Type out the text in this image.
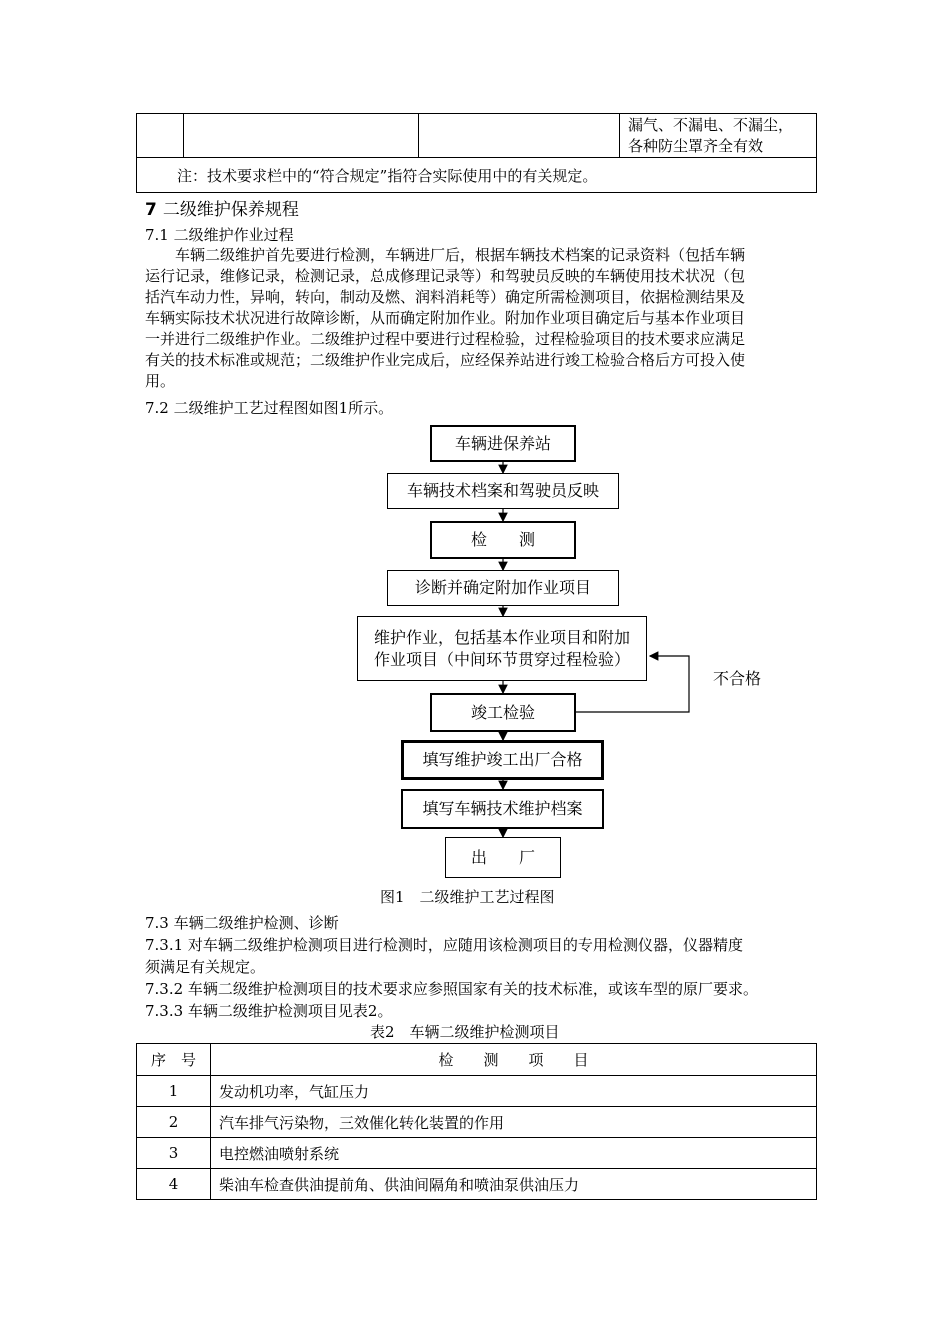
漏气、不漏电、不漏尘，
各种防尘罩齐全有效

注：技术要求栏中的“符合规定”指符合实际使用中的有关规定。
7 二级维护保养规程
7.1 二级维护作业过程
　　车辆二级维护首先要进行检测，车辆进厂后，根据车辆技术档案的记录资料（包括车辆
运行记录，维修记录，检测记录，总成修理记录等）和驾驶员反映的车辆使用技术状况（包
括汽车动力性，异响，转向，制动及燃、润料消耗等）确定所需检测项目，依据检测结果及
车辆实际技术状况进行故障诊断，从而确定附加作业。附加作业项目确定后与基本作业项目
一并进行二级维护作业。二级维护过程中要进行过程检验，过程检验项目的技术要求应满足
有关的技术标准或规范；二级维护作业完成后，应经保养站进行竣工检验合格后方可投入使
用。
7.2 二级维护工艺过程图如图1所示。
车辆进保养站
车辆技术档案和驾驶员反映
检　　测
诊断并确定附加作业项目
维护作业，包括基本作业项目和附加
作业项目（中间环节贯穿过程检验）
竣工检验
填写维护竣工出厂合格
填写车辆技术维护档案
出　　厂
不合格
图1　二级维护工艺过程图
7.3 车辆二级维护检测、诊断
7.3.1 对车辆二级维护检测项目进行检测时，应随用该检测项目的专用检测仪器，仪器精度
须满足有关规定。
7.3.2 车辆二级维护检测项目的技术要求应参照国家有关的技术标准，或该车型的原厂要求。
7.3.3 车辆二级维护检测项目见表2。
表2　车辆二级维护检测项目
序　号	检　　测　　项　　目
1	发动机功率，气缸压力
2	汽车排气污染物，三效催化转化装置的作用
3	电控燃油喷射系统
4	柴油车检查供油提前角、供油间隔角和喷油泵供油压力
